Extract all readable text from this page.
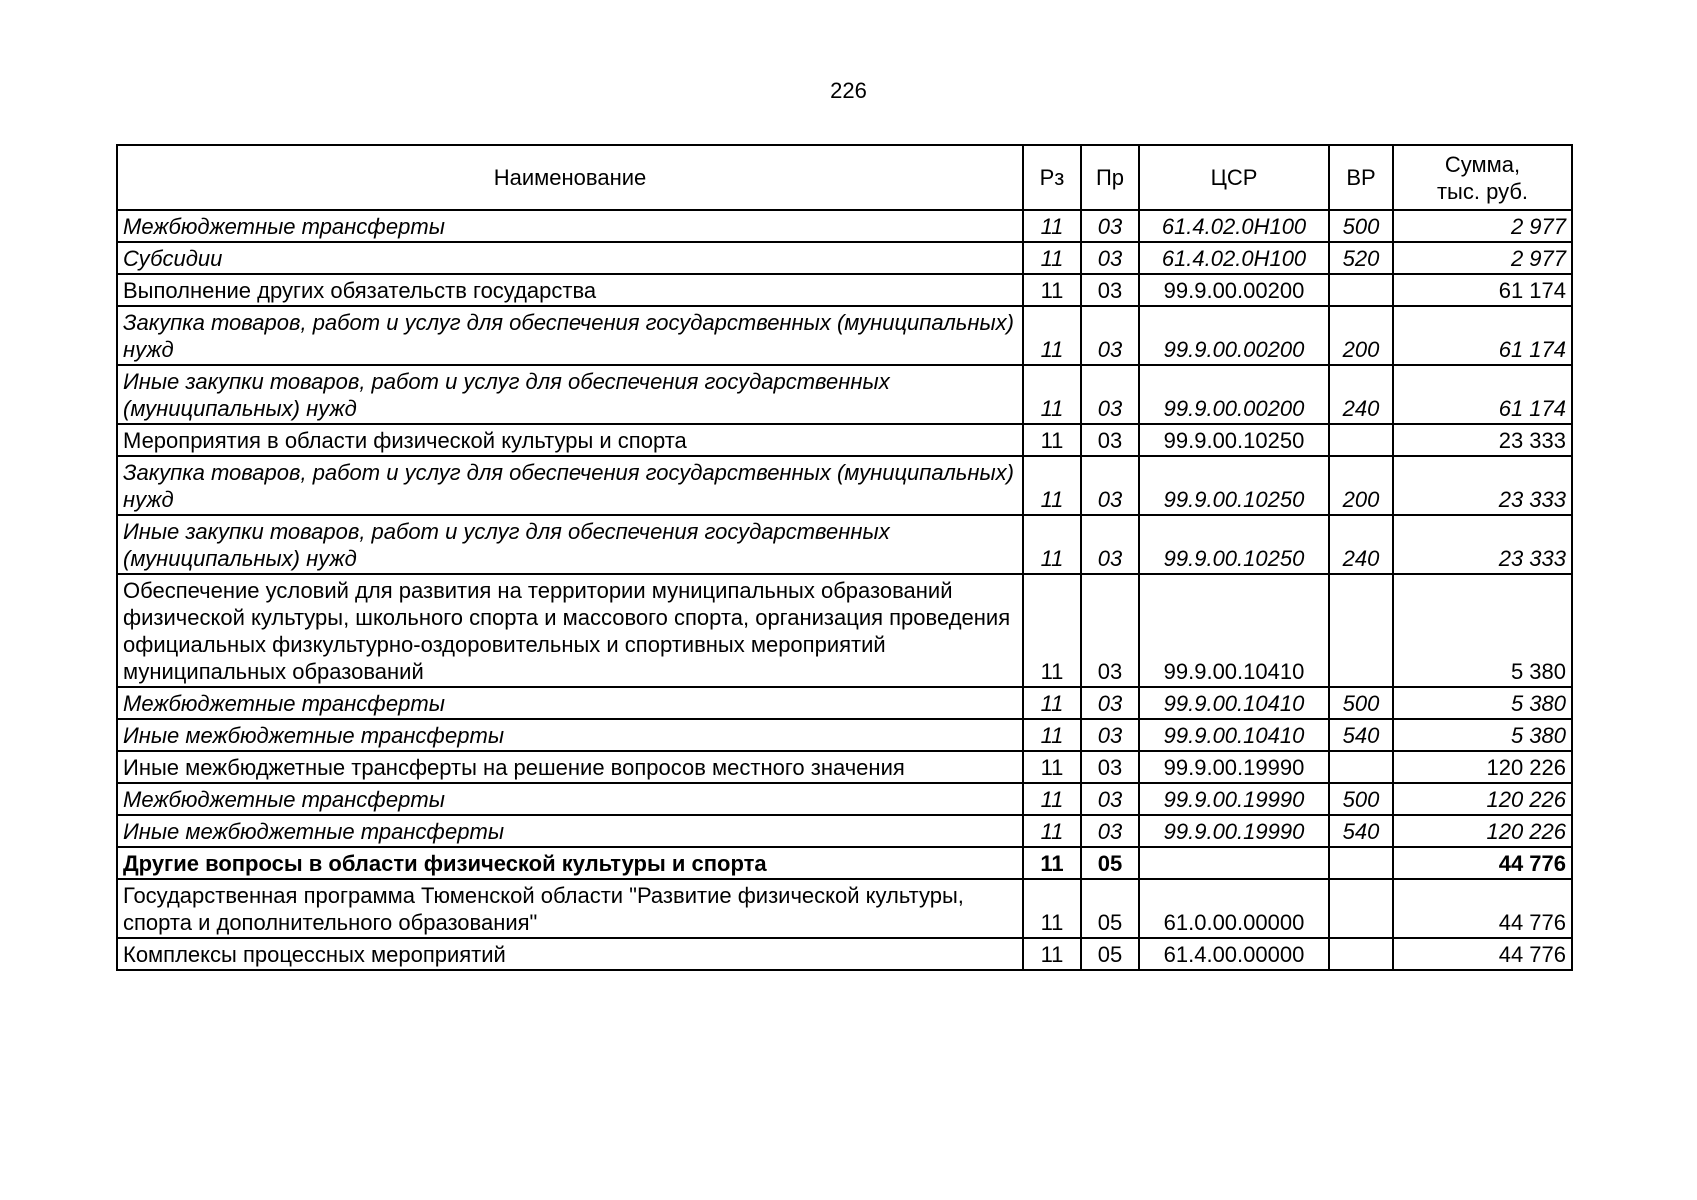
226
Наименование	Рз	Пр	ЦСР	ВР	Сумма,
тыс. руб.

Межбюджетные трансферты	11	03	61.4.02.0Н100	500	2 977
Субсидии	11	03	61.4.02.0Н100	520	2 977
Выполнение других обязательств государства	11	03	99.9.00.00200		61 174
Закупка товаров, работ и услуг для обеспечения государственных (муниципальных) нужд	11	03	99.9.00.00200	200	61 174
Иные закупки товаров, работ и услуг для обеспечения государственных (муниципальных) нужд	11	03	99.9.00.00200	240	61 174
Мероприятия в области физической культуры и спорта	11	03	99.9.00.10250		23 333
Закупка товаров, работ и услуг для обеспечения государственных (муниципальных) нужд	11	03	99.9.00.10250	200	23 333
Иные закупки товаров, работ и услуг для обеспечения государственных (муниципальных) нужд	11	03	99.9.00.10250	240	23 333
Обеспечение условий для развития на территории муниципальных образований физической культуры, школьного спорта и массового спорта, организация проведения официальных физкультурно-оздоровительных и спортивных мероприятий муниципальных образований	11	03	99.9.00.10410		5 380
Межбюджетные трансферты	11	03	99.9.00.10410	500	5 380
Иные межбюджетные трансферты	11	03	99.9.00.10410	540	5 380
Иные межбюджетные трансферты на решение вопросов местного значения	11	03	99.9.00.19990		120 226
Межбюджетные трансферты	11	03	99.9.00.19990	500	120 226
Иные межбюджетные трансферты	11	03	99.9.00.19990	540	120 226
Другие вопросы в области физической культуры и спорта	11	05			44 776
Государственная программа Тюменской области "Развитие физической культуры, спорта и дополнительного образования"	11	05	61.0.00.00000		44 776
Комплексы процессных мероприятий	11	05	61.4.00.00000		44 776
